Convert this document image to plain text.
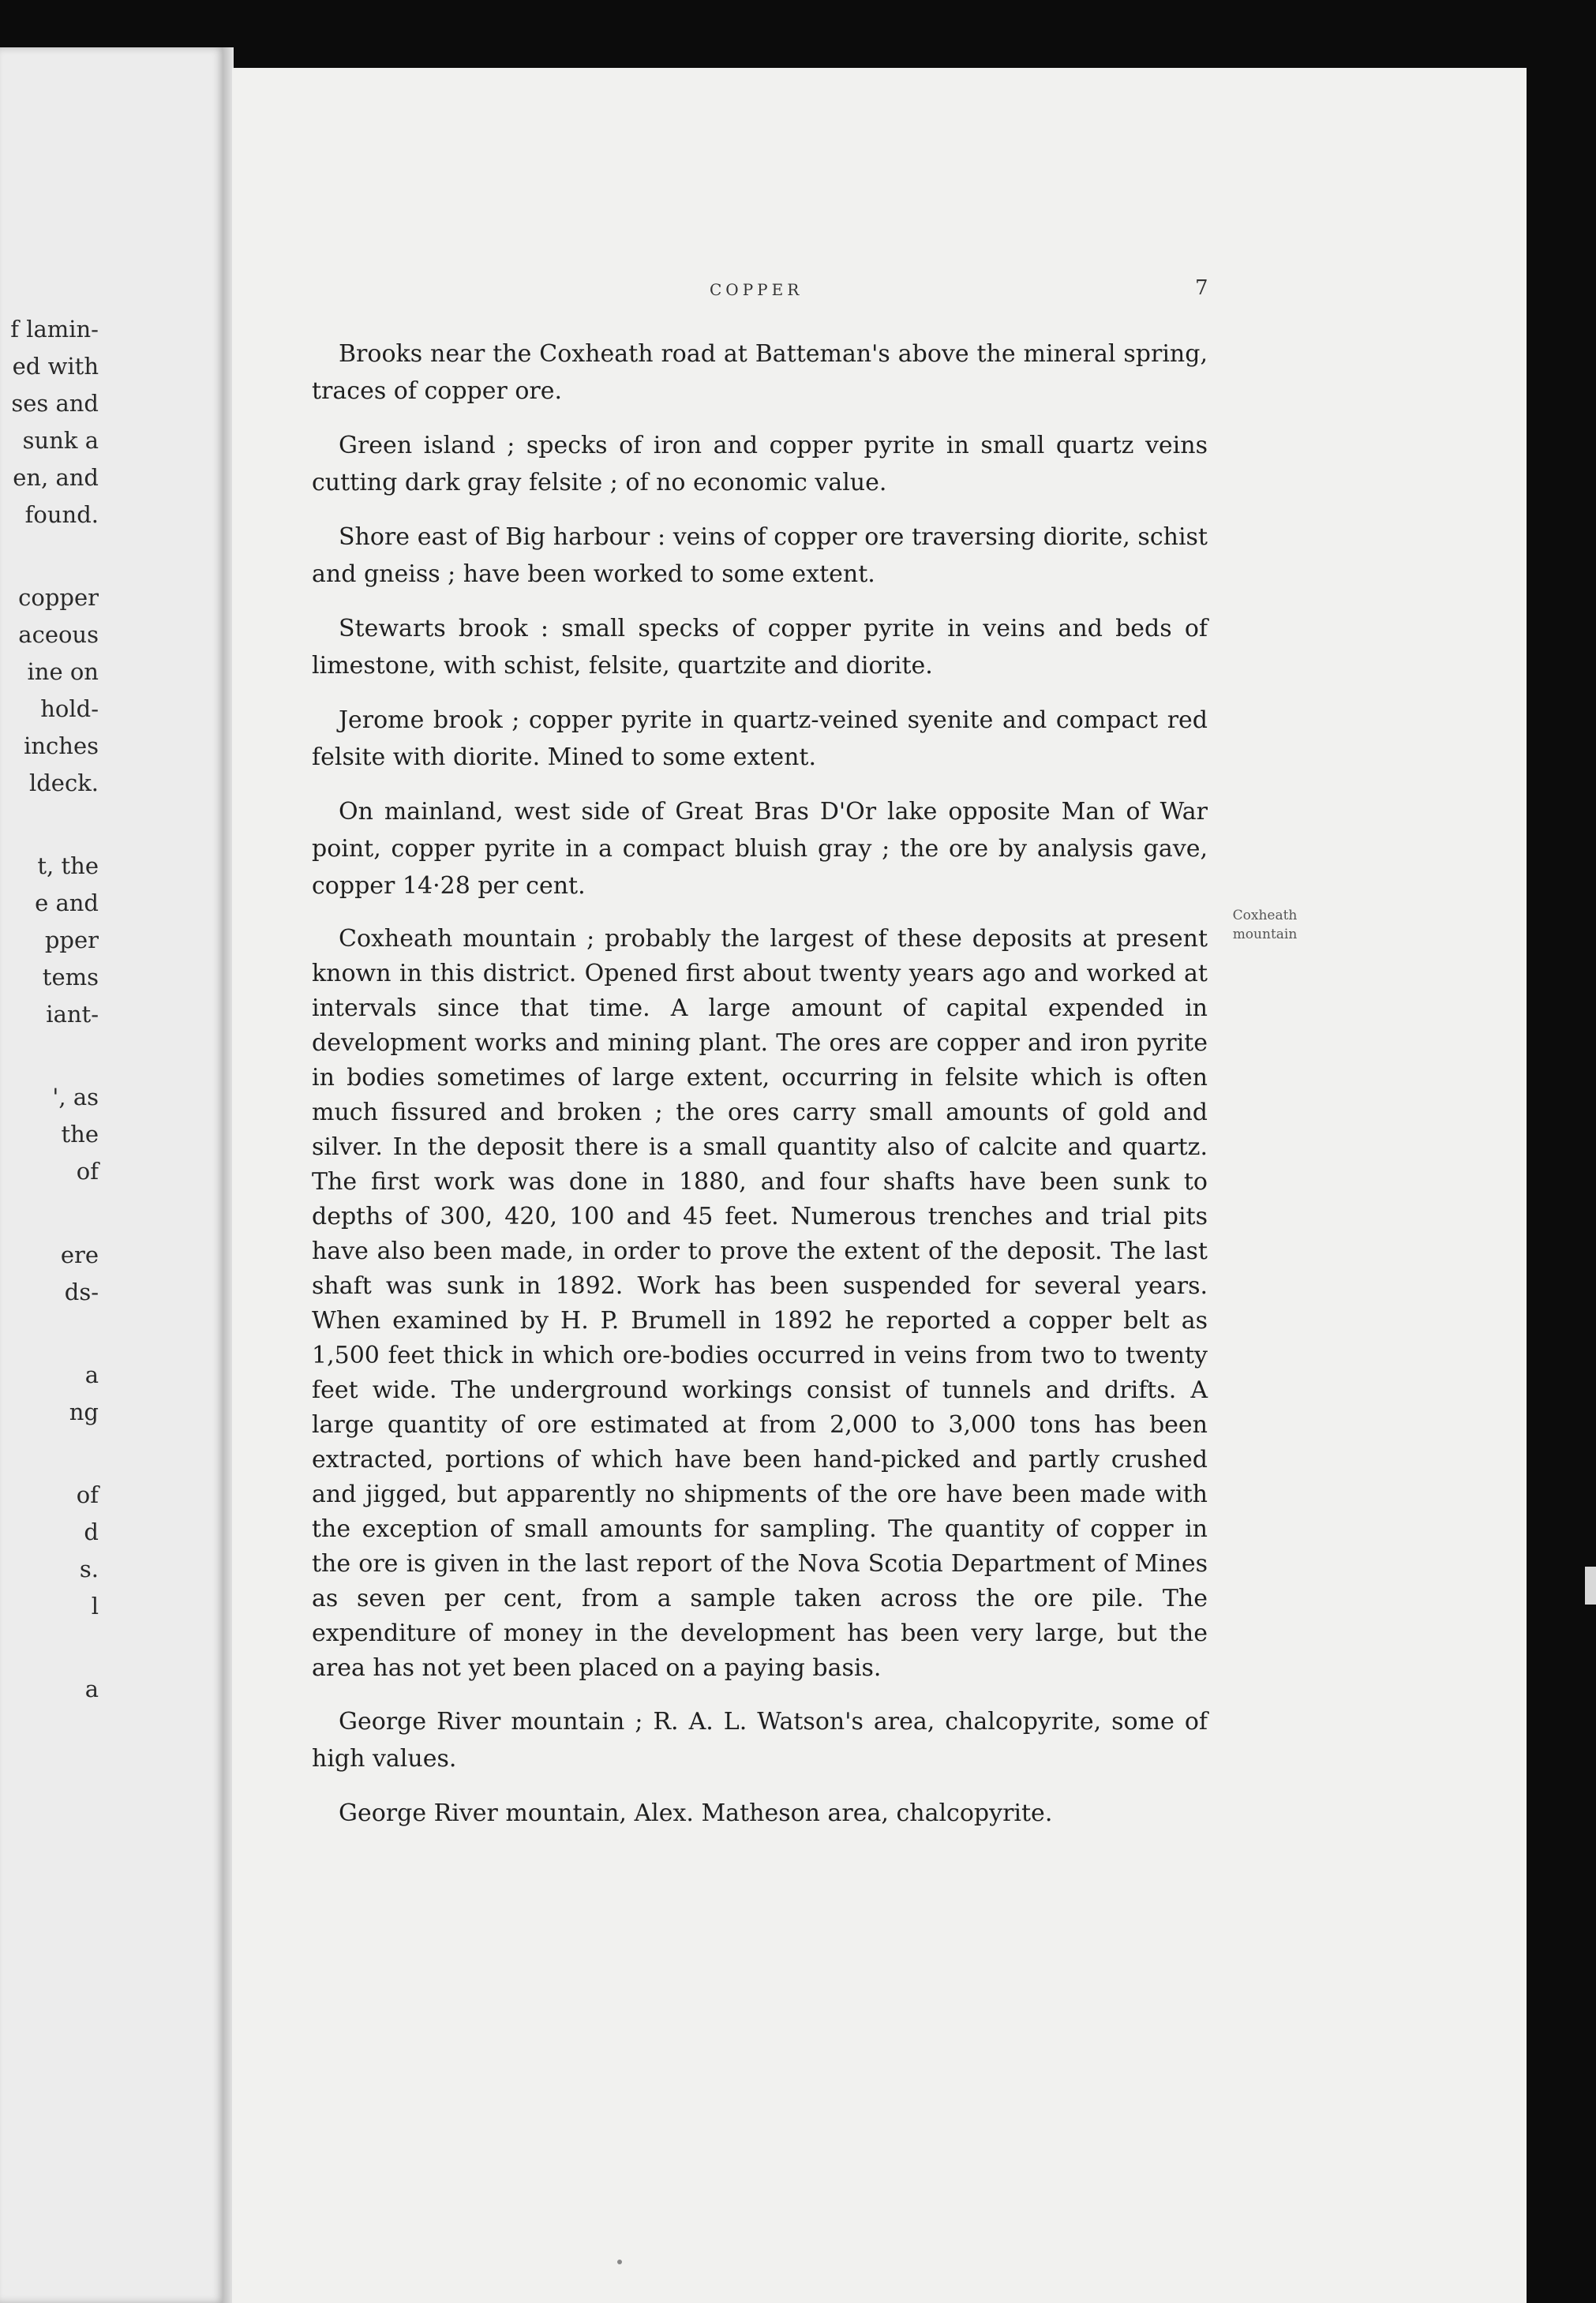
f lamin-
ed with
ses and
sunk a
en, and
found.
copper
aceous
ine on
hold-
inches
ldeck.
t, the
e and
pper
tems
iant-
', as
the
of
ere
ds-
a
ng
of
d
s.
l
a
COPPER	7

Brooks near the Coxheath road at Batteman's above the mineral spring, traces of copper ore.

Green island ; specks of iron and copper pyrite in small quartz veins cutting dark gray felsite ; of no economic value.

Shore east of Big harbour : veins of copper ore traversing diorite, schist and gneiss ; have been worked to some extent.

Stewarts brook : small specks of copper pyrite in veins and beds of limestone, with schist, felsite, quartzite and diorite.

Jerome brook ; copper pyrite in quartz-veined syenite and compact red felsite with diorite. Mined to some extent.

On mainland, west side of Great Bras D'Or lake opposite Man of War point, copper pyrite in a compact bluish gray ; the ore by analysis gave, copper 14·28 per cent.

Coxheath mountain ; probably the largest of these deposits at present known in this district. Opened first about twenty years ago and worked at intervals since that time. A large amount of capital expended in development works and mining plant. The ores are copper and iron pyrite in bodies sometimes of large extent, occurring in felsite which is often much fissured and broken ; the ores carry small amounts of gold and silver. In the deposit there is a small quantity also of calcite and quartz. The first work was done in 1880, and four shafts have been sunk to depths of 300, 420, 100 and 45 feet. Numerous trenches and trial pits have also been made, in order to prove the extent of the deposit. The last shaft was sunk in 1892. Work has been suspended for several years. When examined by H. P. Brumell in 1892 he reported a copper belt as 1,500 feet thick in which ore-bodies occurred in veins from two to twenty feet wide. The underground workings consist of tunnels and drifts. A large quantity of ore estimated at from 2,000 to 3,000 tons has been extracted, portions of which have been hand-picked and partly crushed and jigged, but apparently no shipments of the ore have been made with the exception of small amounts for sampling. The quantity of copper in the ore is given in the last report of the Nova Scotia Department of Mines as seven per cent, from a sample taken across the ore pile. The expenditure of money in the development has been very large, but the area has not yet been placed on a paying basis.

George River mountain ; R. A. L. Watson's area, chalcopyrite, some of high values.

George River mountain, Alex. Matheson area, chalcopyrite.

Coxheath mountain
